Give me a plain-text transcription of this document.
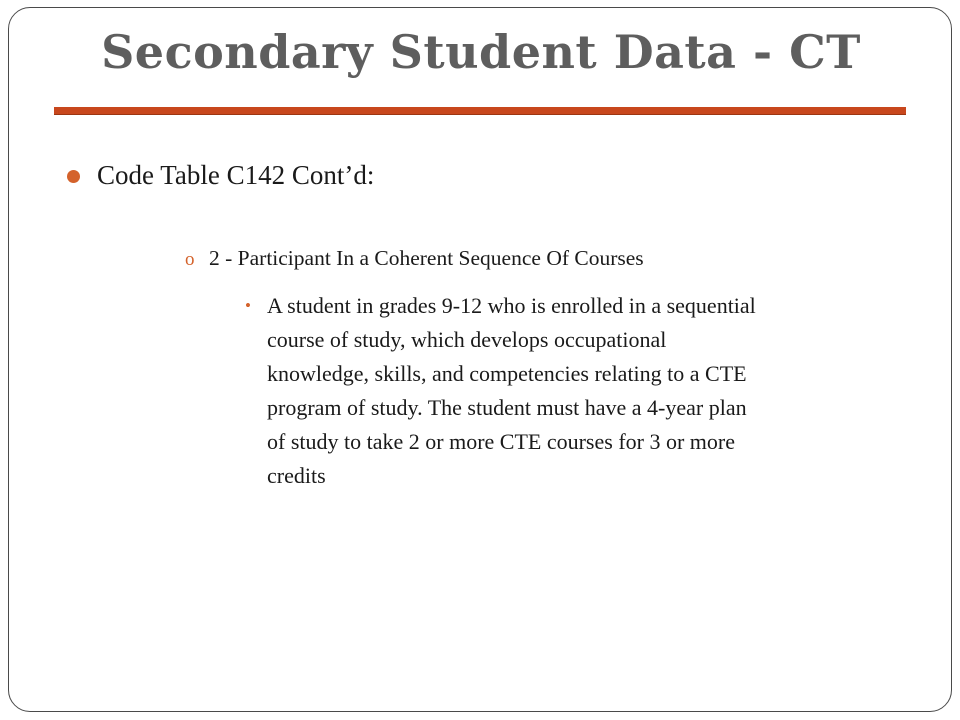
Secondary Student Data - CT
Code Table C142 Cont’d:
o 2 - Participant In a Coherent Sequence Of Courses
• A student in grades 9-12 who is enrolled in a sequential
course of study, which develops occupational
knowledge, skills, and competencies relating to a CTE
program of study. The student must have a 4-year plan
of study to take 2 or more CTE courses for 3 or more
credits
